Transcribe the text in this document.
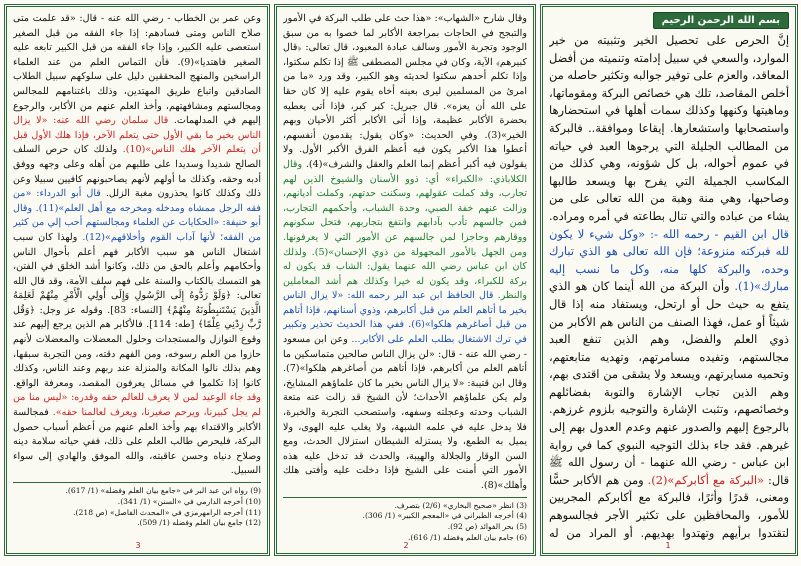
بسم الله الرحمن الرحيم
إنَّ الحرص على تحصيل الخير وتثبيته من خير الموارد، والسعي في سبيل إدامته وتنميته من أفضل المعاقد، والعزم على توفير جوالبه وتكثير حاصله من أخلص المقاصد، تلك هي خصائص البركة ومقوماتها، وماهيتها وكنهها وكذلك سمات أهلها في استحضارها واستصحابها واستشعارها. إيقاعا وموافقة.. فالبركة من المطالب الجليلة التي يرجوها العبد في حياته في عموم أحواله، بل كل شؤونه، وهي كذلك من المكاسب الجميلة التي يفرح بها ويسعد طالبها وصاحبها، وهي منة وهبة من الله تعالى على من يشاء من عباده والتي تنال بطاعته في أمره ومراده. قال ابن القيم - رحمه الله -: «وكل شيء لا يكون لله فبركته منزوعة؛ فإن الله تعالى هو الذي تبارك وحده، والبركة كلها منه، وكل ما نسب إليه مبارك»(1). وأن البركة من الله أينما كان هو الذي يتفع به حيث حل أو ارتحل، ويستفاد منه إذا قال شيئاً أو عمل، فهذا الصنف من الناس هم الأكابر من ذوي العلم والفضل، وهم الذين تنفع العبد مجالستهم، وتفيده مسامرتهم، وتهديه متابعتهم، وتحميه مسايرتهم، ويسعد ولا يشقى من اقتدى بهم، وهم الذين تجاب الإشارة والتوبة بفضائلهم وخصائصهم، وتثبت الإشارة والتوجيه بلزوم غرزهم. بالرجوع إليهم والصدور عنهم وعدم العدول بهم إلى غيرهم. فقد جاء بذلك التوجيه النبوي كما في رواية ابن عباس - رضي الله عنهما - أن رسول الله ﷺ قال: «البركة مع أكابركم»(2). ومن هم الأكابر حسًّا ومعنى، قدرًا وأثرًا، فالبركة مع أكابركم المجربين للأمور، والمحافظين على تكثير الأجر فجالسوهم لتقتدوا برأيهم وتهتدوا بهديهم. أو المراد من له

1
وقال شارح «الشهاب»: «هذا حث على طلب البركة في الأمور والتبجح في الحاجات بمراجعة الأكابر لما خصوا به من سبق الوجود وتجربة الأمور وسالف عبادة المعبود، قال تعالى: ﴿قال كبيرهم﴾ الآية، وكان في مجلس المصطفى ﷺ إذا تكلم سكتوا، وإذا تكلم أحدهم سكتوا لحديثه وهو الكبير، وقد ورد «ما من امرئ من المسلمين ليرى بعينه أخاه يقوم عليه إلا كان حقا على الله أن يعزه». قال جبريل: كبر كبر، فإذا أتى يعطيه بحضرة الأكابر عظيمة، وإذا أتى الأكابر أكثر الأحيان وبهم الخير»(3). وفي الحديث: «وكان يقول: يقدمون أنفسهم، أعطوا هذا الأكبر يكون فيه أعظم الفرق الأكبر الأول. ولا يقولون فيه أكبر أعظم إنما العلم والعقل والشرف»(4). وقال الكلاباذي: «الكبراء» أي: ذوو الأسنان والشيوخ الذين لهم تجارب، وقد كملت عقولهم، وسكنت حدتهم، وكملت أديانهم، وزالت عنهم خفة الصبي، وحدة الشباب، وأحكمهم التجارب، فمن جالسهم تأدب بآدابهم وانتفع بتجاربهم، فتحل سكونهم ووقارهم وحاجزا لمن جالسهم عن الأمور التي لا يعرفونها. ومن الجهل بالأمور المجهولة من ذوي الإحسان»(5). ولذلك كان ابن عباس رضي الله عنهما يقول: الشاب قد يكون له بركة للكبراء، وقد يكون له خيرا وكذلك هم أشد المعاملين والنظر. قال الحافظ ابن عبد البر رحمه الله: «لا يزال الناس بخير ما أتاهم العلم من قبل أكابرهم، وذوي أسنانهم، فإذا أتاهم من قبل أصاغرهم هلكوا»(6). ففي هذا الحديث تحذير وتكبير في ترك الاشتغال بطلب العلم على الأكابر... وعن ابن مسعود - رضي الله عنه - قال: «لن يزال الناس صالحين متماسكين ما أتاهم العلم من أكابرهم، فإذا أتاهم من أصاغرهم هلكوا»(7). وقال ابن قتيبة: «لا يزال الناس بخير ما كان علماؤهم المشايخ، ولم يكن علماؤهم الأحداث؛ لأن الشيخ قد زالت عنه متعة الشباب وحدته وعجلته وسفهه، واستصحب التجربة والخبرة، فلا يدخل عليه في علمه الشبهة، ولا يغلب عليه الهوى، ولا يميل به الطمع، ولا يستزله الشيطان استزلال الحدث، ومع السن الوقار والجلالة والهيبة، والحدث قد تدخل عليه هذه الأمور التي أمنت على الشيخ فإذا دخلت عليه وأفتى هلك وأهلك»(8).

(3) انظر «صحيح البخاري» (2/6) بتصرف.

(4) أخرجه الطبراني في «المعجم الكبير» (1/ 306).

(5) بحر الفوائد (ص 92).

(6) جامع بيان العلم وفضله (1/ 616).

2
وعن عمر بن الخطاب - رضي الله عنه - قال: «قد علمت متى صلاح الناس ومتى فسادهم: إذا جاء الفقه من قبل الصغير استعصى عليه الكبير، وإذا جاء الفقه من قبل الكبير تابعه عليه الصغير فاهتديا»(9). فأن التماس العلم من عند العلماء الراسخين والمنهج المحققين دليل على سلوكهم سبيل الطلاب الصادقين واتباع طريق المهتدين، وذلك باغتنامهم للمجالس ومجالستهم ومشافهتهم، وأخذ العلم عنهم من الأكابر، والرجوع إليهم في المدلهمات. قال سلمان رضي الله عنه: «لا يزال الناس بخير ما بقي الأول حتى يتعلم الآخر، فإذا هلك الأول قبل أن يتعلم الآخر هلك الناس»(10). ولذلك كان حرص السلف الصالح شديدا وسديدا على طلبهم من أهله وعلى وجهه ووفق أدبه وحقه، وكذلك ما أولهم لأنهم يصاحبونهم كافيين سبيلا وعن ذلك وكذلك كانوا يحذرون مغبة الزلل. قال أبو الدرداء: «من فقه الرجل ممشاه ومدخله ومخرجه مع أهل العلم»(11). وقال أبو حنيفة: «الحكايات عن العلماء ومجالستهم أحب إلي من كثير من الفقه؛ لأنها آداب القوم وأخلاقهم»(12). ولهذا كان سبب اشتغال الناس هو سبب الأكابر فهم أعلم بأحوال الناس وأحكامهم وأعلم بالحق من ذلك، وكانوا أشد الخلق في الفتن، هو التمسك بالكتاب والسنة على فهم سلف الأمة، وقد قال الله تعالى: ﴿وَلَوْ رَدُّوهُ إِلَى الرَّسُولِ وَإِلَى أُولِي الْأَمْرِ مِنْهُمْ لَعَلِمَهُ الَّذِينَ يَسْتَنبِطُونَهُ مِنْهُمْ﴾ [النساء: 83]. وقوله عز وجل: ﴿وَقُل رَّبِّ زِدْنِي عِلْمًا﴾ [طه: 114]. فالأكابر هم الذين يرجع إليهم عند وقوع النوازل والمستجدات وحلول المعضلات والمعضلات لأنهم حازوا من العلم رسوخه، ومن الفهم دقته، ومن التجربة سبقها، وهم بذلك نالوا المكانة والمنزلة عند ربهم وعند الناس، وكذلك كانوا إذا تكلموا في مسائل يعرفون المقصد، ومعرفة الواقع. وقد جاء الوعيد لمن لا يعرف للعالم حقه وقدره: «ليس منا من لم يجل كبيرنا، ويرحم صغيرنا، ويعرف لعالمنا حقه». فمجالسة الأكابر والاقتداء بهم وأخذ العلم عنهم من أعظم أسباب حصول البركة، فليحرص طالب العلم على ذلك، ففي حياته سلامة دينه وصلاح دنياه وحسن عاقبته، والله الموفق والهادي إلى سواء السبيل.

(9) رواه ابن عبد البر في «جامع بيان العلم وفضله» (1/ 617).

(10) أخرجه الدارمي في «السنن» (1/ 341).

(11) أخرجه الرامهرمزي في «المحدث الفاصل» (ص 218).

(12) جامع بيان العلم وفضله (1/ 509).

3
